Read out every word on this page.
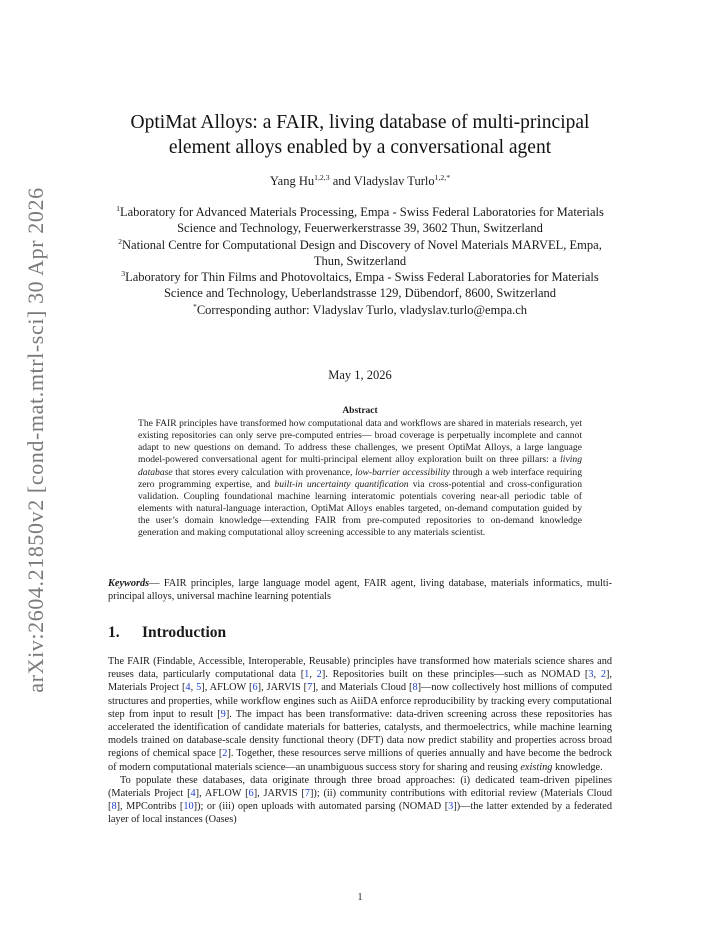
arXiv:2604.21850v2 [cond-mat.mtrl-sci] 30 Apr 2026
OptiMat Alloys: a FAIR, living database of multi-principal
element alloys enabled by a conversational agent
Yang Hu$^{1,2,3}$ and Vladyslav Turlo$^{1,2,*}$

$^1$Laboratory for Advanced Materials Processing, Empa - Swiss Federal Laboratories for Materials Science and Technology, Feuerwerkerstrasse 39, 3602 Thun, Switzerland

$^2$National Centre for Computational Design and Discovery of Novel Materials MARVEL, Empa, Thun, Switzerland

$^3$Laboratory for Thin Films and Photovoltaics, Empa - Swiss Federal Laboratories for Materials Science and Technology, Ueberlandstrasse 129, Dübendorf, 8600, Switzerland

*Corresponding author: Vladyslav Turlo, vladyslav.turlo@empa.ch

May 1, 2026
Abstract
The FAIR principles have transformed how computational data and workflows are shared in materials research, yet existing repositories can only serve pre-computed entries— broad coverage is perpetually incomplete and cannot adapt to new questions on demand. To address these challenges, we present OptiMat Alloys, a large language model-powered conversational agent for multi-principal element alloy exploration built on three pillars: a living database that stores every calculation with provenance, low-barrier accessibility through a web interface requiring zero programming expertise, and built-in uncertainty quantification via cross-potential and cross-configuration validation. Coupling foundational machine learning interatomic potentials covering near-all periodic table of elements with natural-language interaction, OptiMat Alloys enables targeted, on-demand computation guided by the user’s domain knowledge—extending FAIR from pre-computed repositories to on-demand knowledge generation and making computational alloy screening accessible to any materials scientist.
Keywords— FAIR principles, large language model agent, FAIR agent, living database, materials informatics, multi-principal alloys, universal machine learning potentials
1. Introduction

The FAIR (Findable, Accessible, Interoperable, Reusable) principles have transformed how materials science shares and reuses data, particularly computational data [1, 2]. Repositories built on these principles—such as NOMAD [3, 2], Materials Project [4, 5], AFLOW [6], JARVIS [7], and Materials Cloud [8]—now collectively host millions of computed structures and properties, while workflow engines such as AiiDA enforce reproducibility by tracking every computational step from input to result [9]. The impact has been transformative: data-driven screening across these repositories has accelerated the identification of candidate materials for batteries, catalysts, and thermoelectrics, while machine learning models trained on database-scale density functional theory (DFT) data now predict stability and properties across broad regions of chemical space [2]. Together, these resources serve millions of queries annually and have become the bedrock of modern computational materials science—an unambiguous success story for sharing and reusing existing knowledge.

To populate these databases, data originate through three broad approaches: (i) dedicated team-driven pipelines (Materials Project [4], AFLOW [6], JARVIS [7]); (ii) community contributions with editorial review (Materials Cloud [8], MPContribs [10]); or (iii) open uploads with automated parsing (NOMAD [3])—the latter extended by a federated layer of local instances (Oases)

1
